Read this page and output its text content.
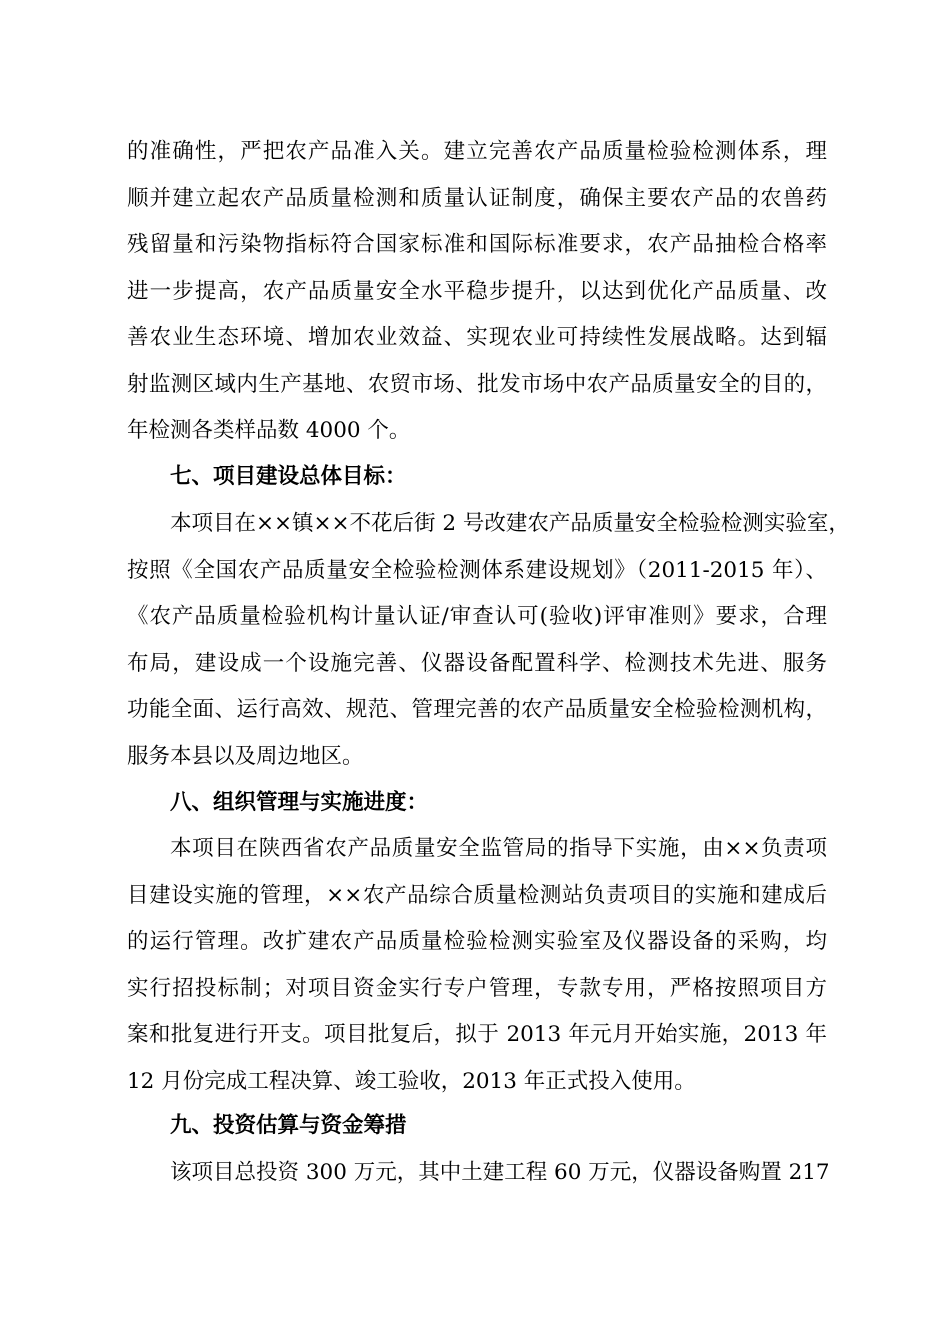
的准确性，严把农产品准入关。建立完善农产品质量检验检测体系，理
顺并建立起农产品质量检测和质量认证制度，确保主要农产品的农兽药
残留量和污染物指标符合国家标准和国际标准要求，农产品抽检合格率
进一步提高，农产品质量安全水平稳步提升，以达到优化产品质量、改
善农业生态环境、增加农业效益、实现农业可持续性发展战略。达到辐
射监测区域内生产基地、农贸市场、批发市场中农产品质量安全的目的，
年检测各类样品数 4000 个。
七、项目建设总体目标：
本项目在××镇××不花后街 2 号改建农产品质量安全检验检测实验室，
按照《全国农产品质量安全检验检测体系建设规划》（2011-2015 年）、
《农产品质量检验机构计量认证/审查认可(验收)评审准则》要求，合理
布局，建设成一个设施完善、仪器设备配置科学、检测技术先进、服务
功能全面、运行高效、规范、管理完善的农产品质量安全检验检测机构，
服务本县以及周边地区。
八、组织管理与实施进度：
本项目在陕西省农产品质量安全监管局的指导下实施，由××负责项
目建设实施的管理，××农产品综合质量检测站负责项目的实施和建成后
的运行管理。改扩建农产品质量检验检测实验室及仪器设备的采购，均
实行招投标制；对项目资金实行专户管理，专款专用，严格按照项目方
案和批复进行开支。项目批复后，拟于 2013 年元月开始实施，2013 年
12 月份完成工程决算、竣工验收，2013 年正式投入使用。
九、投资估算与资金筹措
该项目总投资 300 万元，其中土建工程 60 万元，仪器设备购置 217
